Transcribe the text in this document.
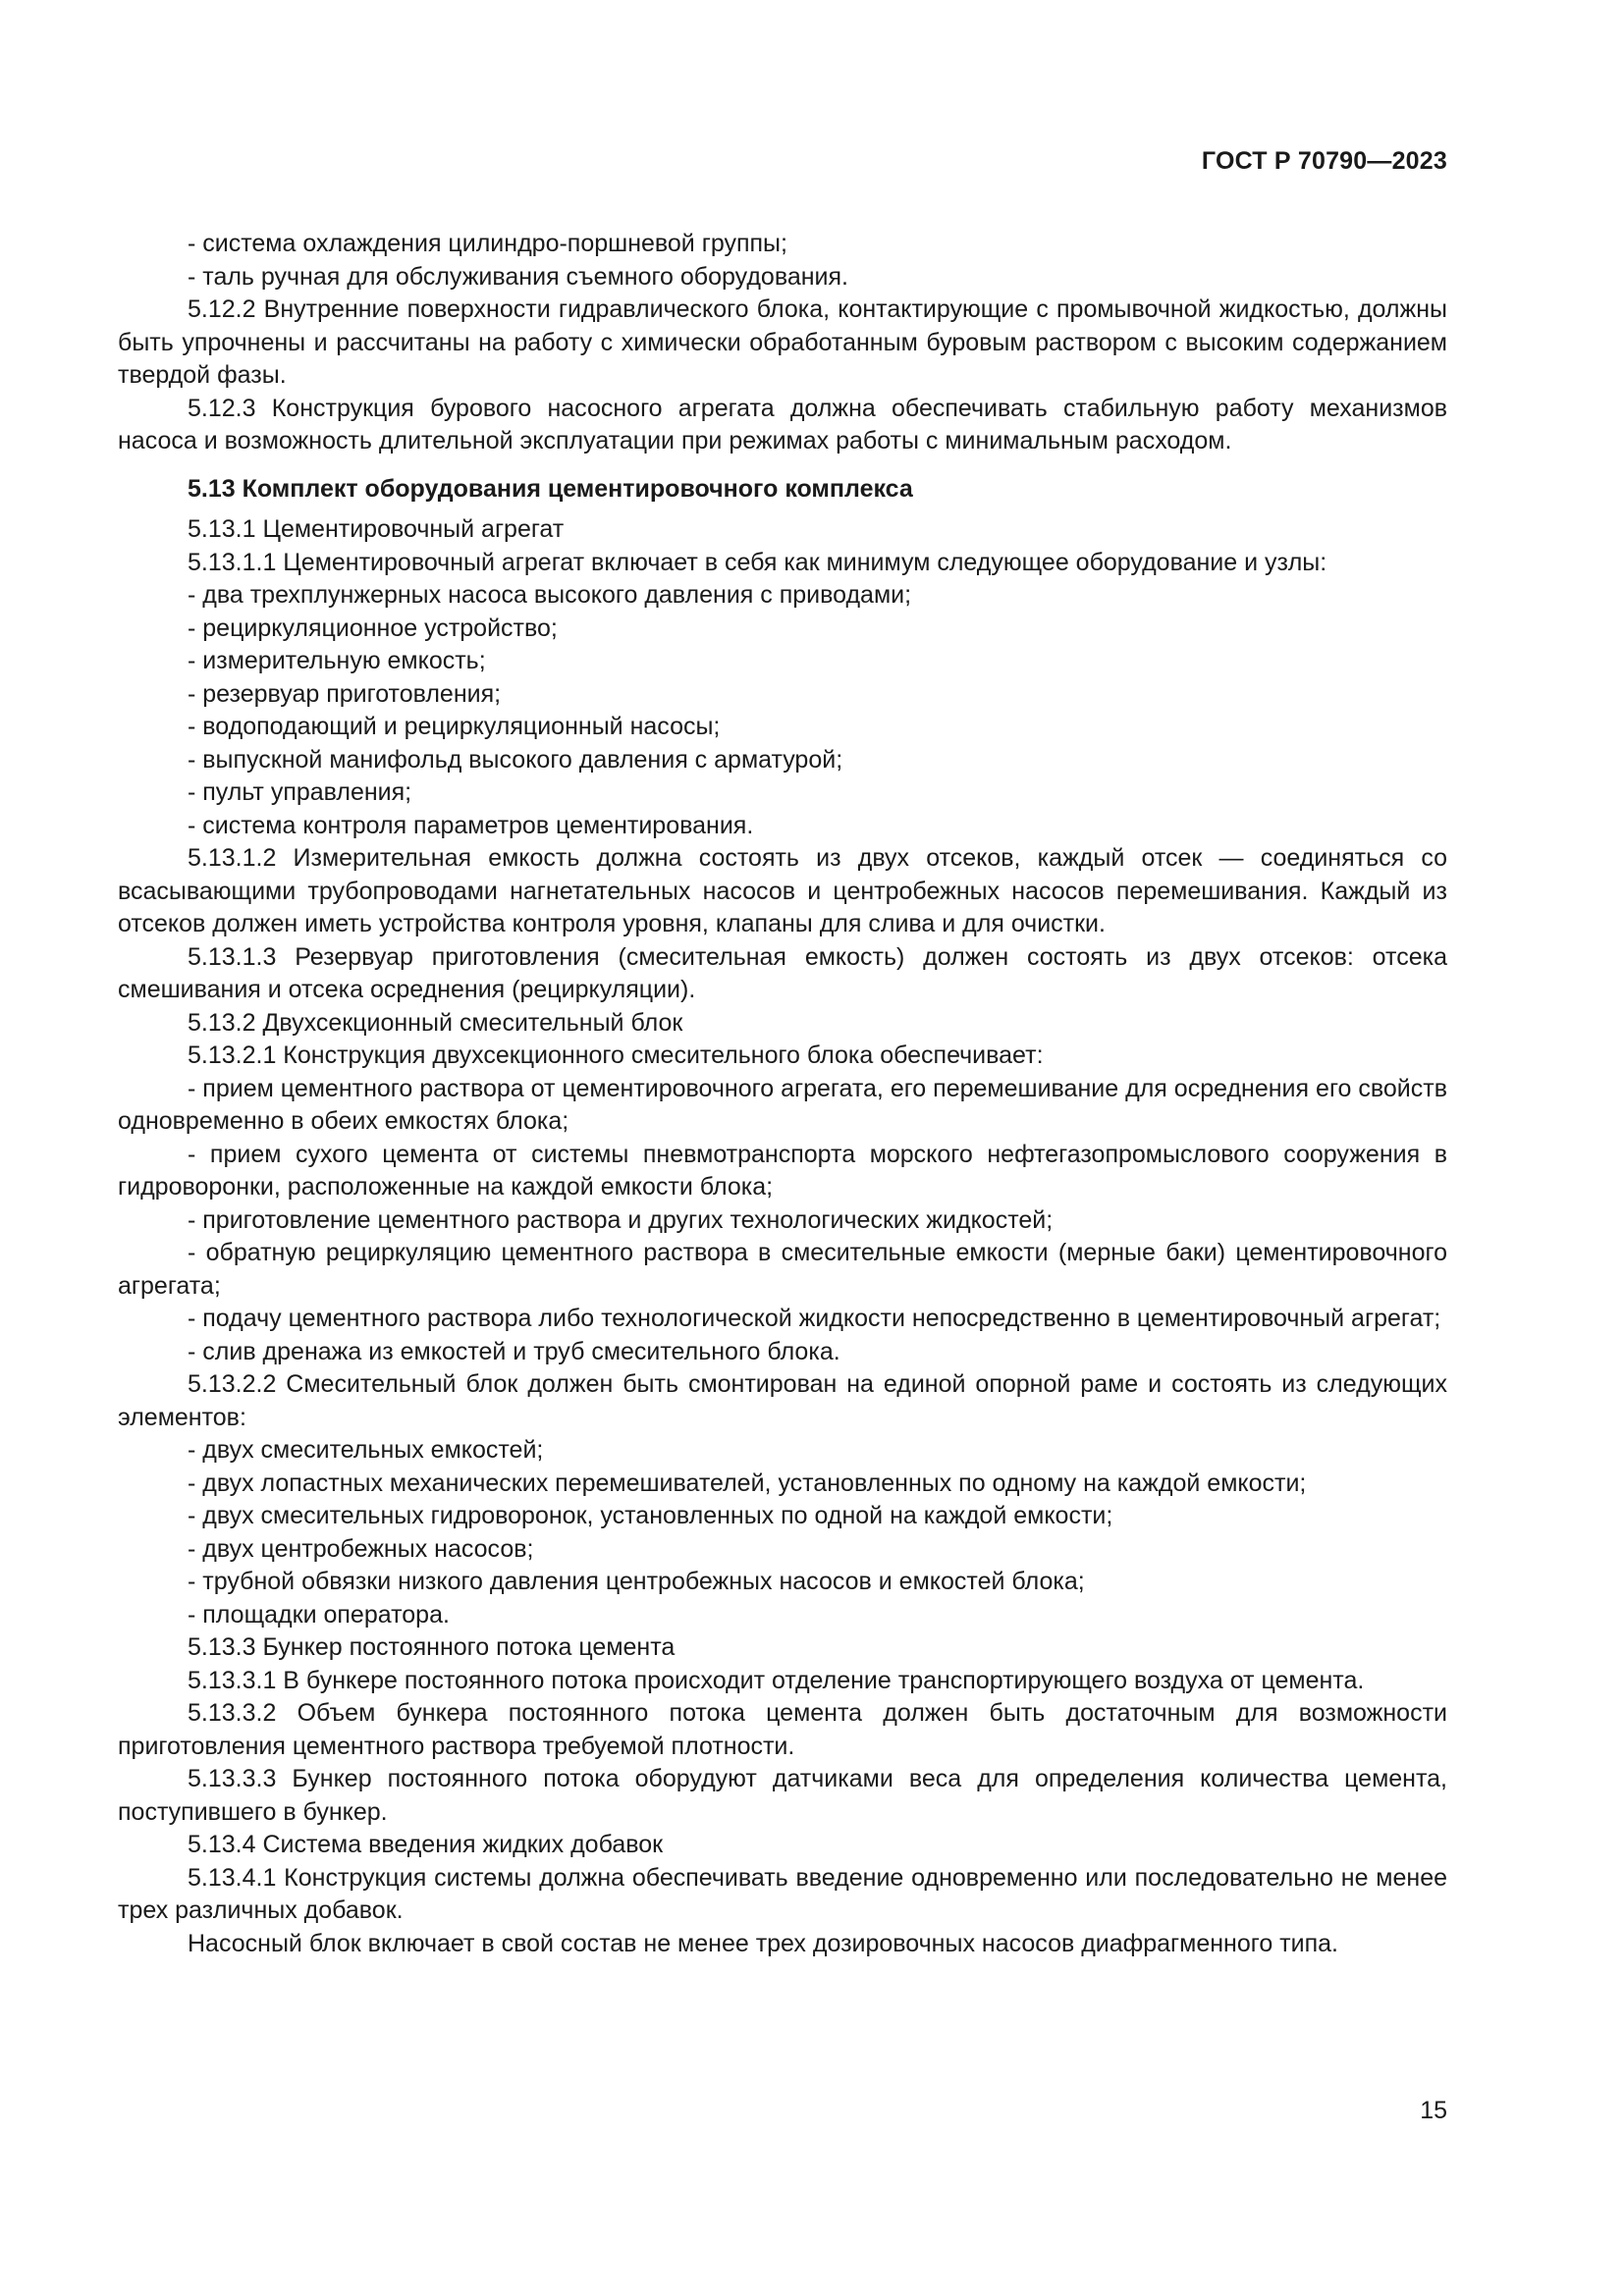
ГОСТ Р 70790—2023

- система охлаждения цилиндро-поршневой группы;

- таль ручная для обслуживания съемного оборудования.

5.12.2 Внутренние поверхности гидравлического блока, контактирующие с промывочной жидкостью, должны быть упрочнены и рассчитаны на работу с химически обработанным буровым раствором с высоким содержанием твердой фазы.

5.12.3 Конструкция бурового насосного агрегата должна обеспечивать стабильную работу механизмов насоса и возможность длительной эксплуатации при режимах работы с минимальным расходом.

5.13 Комплект оборудования цементировочного комплекса

5.13.1 Цементировочный агрегат

5.13.1.1 Цементировочный агрегат включает в себя как минимум следующее оборудование и узлы:

- два трехплунжерных насоса высокого давления с приводами;

- рециркуляционное устройство;

- измерительную емкость;

- резервуар приготовления;

- водоподающий и рециркуляционный насосы;

- выпускной манифольд высокого давления с арматурой;

- пульт управления;

- система контроля параметров цементирования.

5.13.1.2 Измерительная емкость должна состоять из двух отсеков, каждый отсек — соединяться со всасывающими трубопроводами нагнетательных насосов и центробежных насосов перемешивания. Каждый из отсеков должен иметь устройства контроля уровня, клапаны для слива и для очистки.

5.13.1.3 Резервуар приготовления (смесительная емкость) должен состоять из двух отсеков: отсека смешивания и отсека осреднения (рециркуляции).

5.13.2 Двухсекционный смесительный блок

5.13.2.1 Конструкция двухсекционного смесительного блока обеспечивает:

- прием цементного раствора от цементировочного агрегата, его перемешивание для осреднения его свойств одновременно в обеих емкостях блока;

- прием сухого цемента от системы пневмотранспорта морского нефтегазопромыслового сооружения в гидроворонки, расположенные на каждой емкости блока;

- приготовление цементного раствора и других технологических жидкостей;

- обратную рециркуляцию цементного раствора в смесительные емкости (мерные баки) цементировочного агрегата;

- подачу цементного раствора либо технологической жидкости непосредственно в цементировочный агрегат;

- слив дренажа из емкостей и труб смесительного блока.

5.13.2.2 Смесительный блок должен быть смонтирован на единой опорной раме и состоять из следующих элементов:

- двух смесительных емкостей;

- двух лопастных механических перемешивателей, установленных по одному на каждой емкости;

- двух смесительных гидроворонок, установленных по одной на каждой емкости;

- двух центробежных насосов;

- трубной обвязки низкого давления центробежных насосов и емкостей блока;

- площадки оператора.

5.13.3 Бункер постоянного потока цемента

5.13.3.1 В бункере постоянного потока происходит отделение транспортирующего воздуха от цемента.

5.13.3.2 Объем бункера постоянного потока цемента должен быть достаточным для возможности приготовления цементного раствора требуемой плотности.

5.13.3.3 Бункер постоянного потока оборудуют датчиками веса для определения количества цемента, поступившего в бункер.

5.13.4 Система введения жидких добавок

5.13.4.1 Конструкция системы должна обеспечивать введение одновременно или последовательно не менее трех различных добавок.

Насосный блок включает в свой состав не менее трех дозировочных насосов диафрагменного типа.

15
